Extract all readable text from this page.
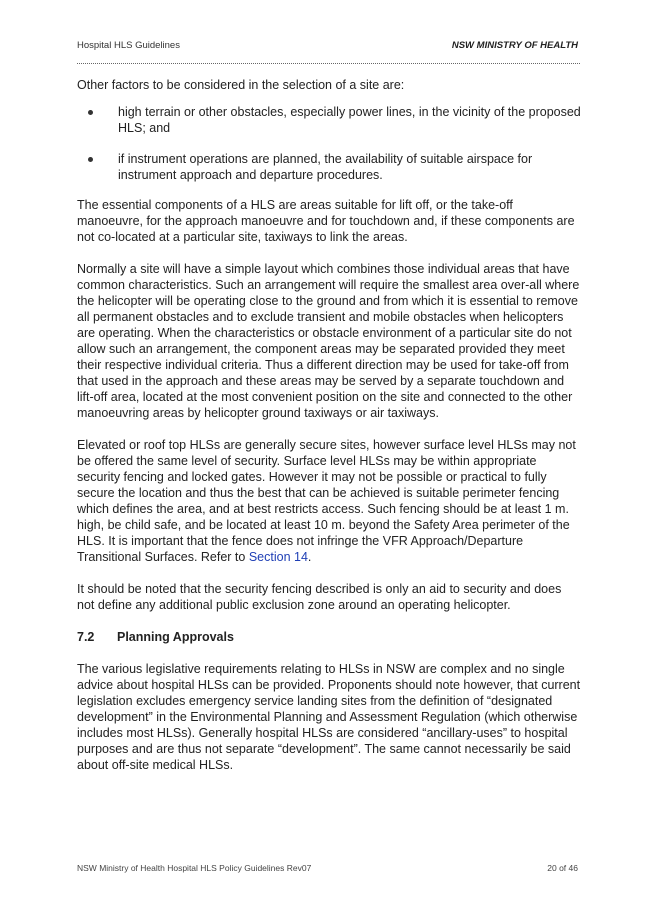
Hospital HLS Guidelines	NSW MINISTRY OF HEALTH

Other factors to be considered in the selection of a site are:

high terrain or other obstacles, especially power lines, in the vicinity of the proposed HLS; and
if instrument operations are planned, the availability of suitable airspace for instrument approach and departure procedures.

The essential components of a HLS are areas suitable for lift off, or the take-off manoeuvre, for the approach manoeuvre and for touchdown and, if these components are not co-located at a particular site, taxiways to link the areas.

Normally a site will have a simple layout which combines those individual areas that have common characteristics. Such an arrangement will require the smallest area over-all where the helicopter will be operating close to the ground and from which it is essential to remove all permanent obstacles and to exclude transient and mobile obstacles when helicopters are operating. When the characteristics or obstacle environment of a particular site do not allow such an arrangement, the component areas may be separated provided they meet their respective individual criteria. Thus a different direction may be used for take-off from that used in the approach and these areas may be served by a separate touchdown and lift-off area, located at the most convenient position on the site and connected to the other manoeuvring areas by helicopter ground taxiways or air taxiways.

Elevated or roof top HLSs are generally secure sites, however surface level HLSs may not be offered the same level of security. Surface level HLSs may be within appropriate security fencing and locked gates. However it may not be possible or practical to fully secure the location and thus the best that can be achieved is suitable perimeter fencing which defines the area, and at best restricts access. Such fencing should be at least 1 m. high, be child safe, and be located at least 10 m. beyond the Safety Area perimeter of the HLS. It is important that the fence does not infringe the VFR Approach/Departure Transitional Surfaces. Refer to Section 14.

It should be noted that the security fencing described is only an aid to security and does not define any additional public exclusion zone around an operating helicopter.

7.2 Planning Approvals

The various legislative requirements relating to HLSs in NSW are complex and no single advice about hospital HLSs can be provided. Proponents should note however, that current legislation excludes emergency service landing sites from the definition of “designated development” in the Environmental Planning and Assessment Regulation (which otherwise includes most HLSs). Generally hospital HLSs are considered “ancillary-uses” to hospital purposes and are thus not separate “development”. The same cannot necessarily be said about off-site medical HLSs.

NSW Ministry of Health Hospital HLS Policy Guidelines Rev07	20 of 46
